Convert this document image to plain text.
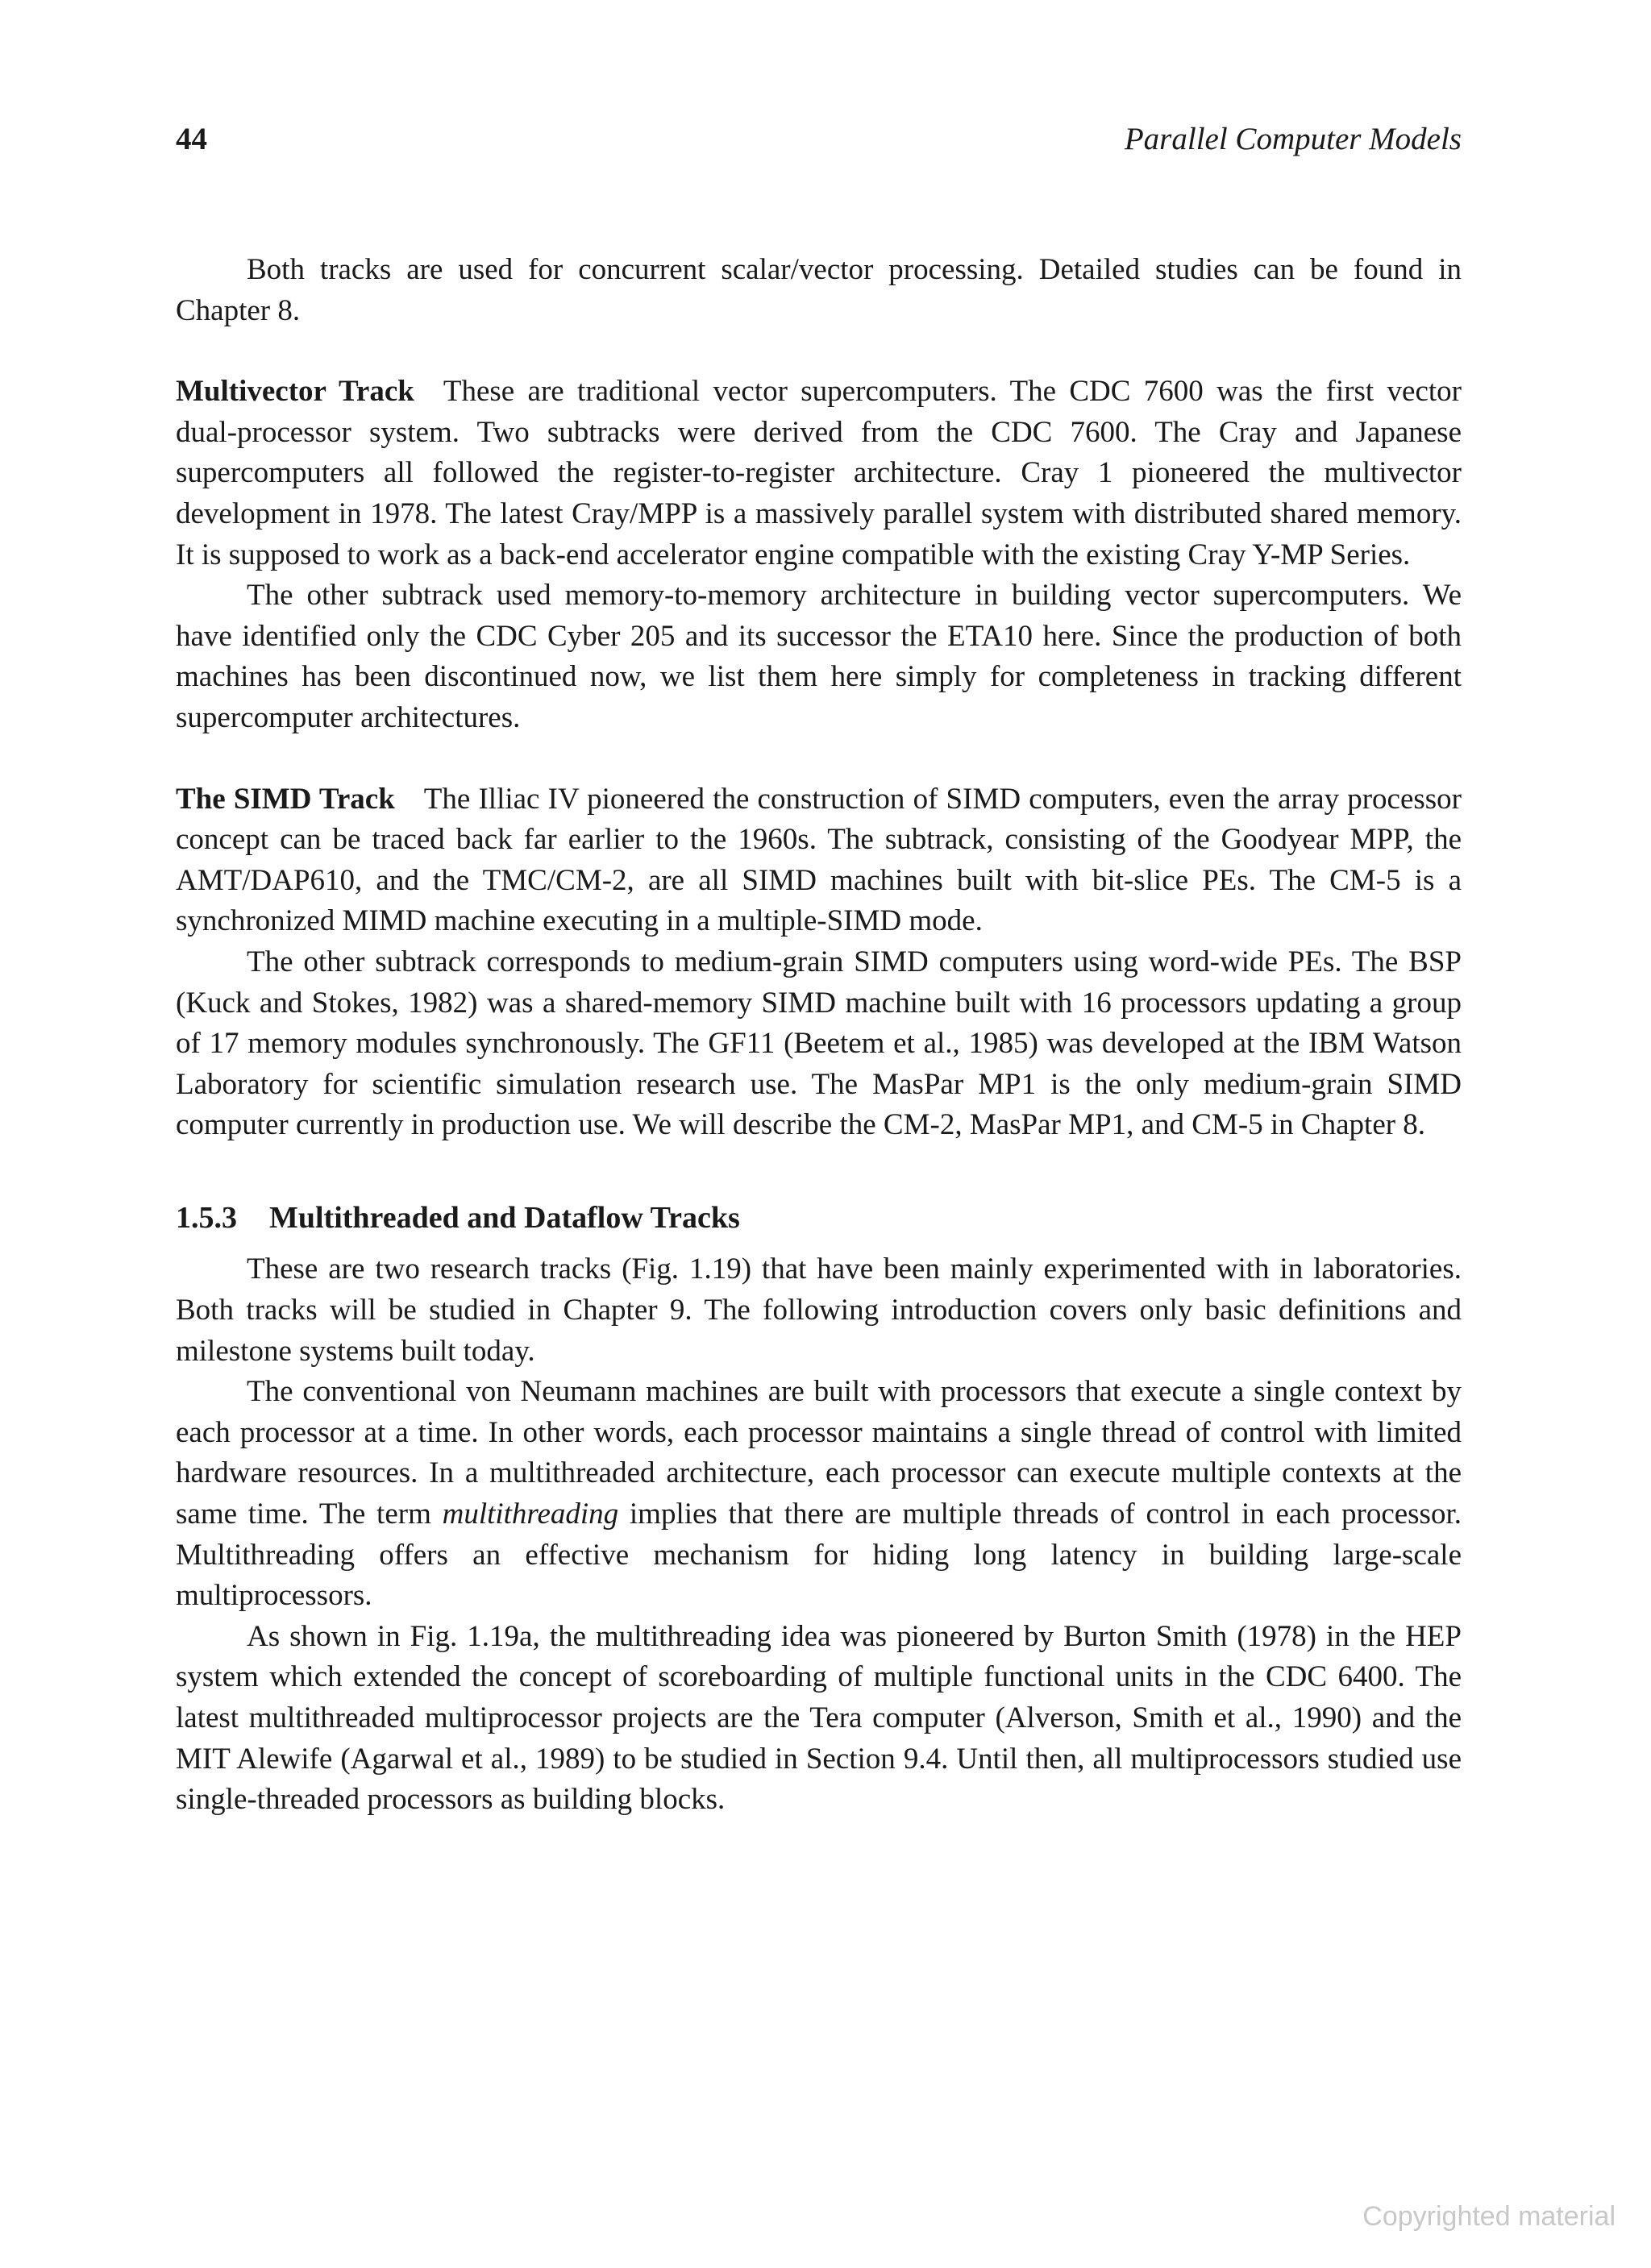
44	Parallel Computer Models

Both tracks are used for concurrent scalar/vector processing. Detailed studies can be found in Chapter 8.

Multivector Track These are traditional vector supercomputers. The CDC 7600 was the first vector dual-processor system. Two subtracks were derived from the CDC 7600. The Cray and Japanese supercomputers all followed the register-to-register architecture. Cray 1 pioneered the multivector development in 1978. The latest Cray/MPP is a massively parallel system with distributed shared memory. It is supposed to work as a back-end accelerator engine compatible with the existing Cray Y-MP Series.

The other subtrack used memory-to-memory architecture in building vector supercomputers. We have identified only the CDC Cyber 205 and its successor the ETA10 here. Since the production of both machines has been discontinued now, we list them here simply for completeness in tracking different supercomputer architectures.

The SIMD Track The Illiac IV pioneered the construction of SIMD computers, even the array processor concept can be traced back far earlier to the 1960s. The subtrack, consisting of the Goodyear MPP, the AMT/DAP610, and the TMC/CM-2, are all SIMD machines built with bit-slice PEs. The CM-5 is a synchronized MIMD machine executing in a multiple-SIMD mode.

The other subtrack corresponds to medium-grain SIMD computers using word-wide PEs. The BSP (Kuck and Stokes, 1982) was a shared-memory SIMD machine built with 16 processors updating a group of 17 memory modules synchronously. The GF11 (Beetem et al., 1985) was developed at the IBM Watson Laboratory for scientific simulation research use. The MasPar MP1 is the only medium-grain SIMD computer currently in production use. We will describe the CM-2, MasPar MP1, and CM-5 in Chapter 8.

1.5.3 Multithreaded and Dataflow Tracks

These are two research tracks (Fig. 1.19) that have been mainly experimented with in laboratories. Both tracks will be studied in Chapter 9. The following introduction covers only basic definitions and milestone systems built today.

The conventional von Neumann machines are built with processors that execute a single context by each processor at a time. In other words, each processor maintains a single thread of control with limited hardware resources. In a multithreaded architecture, each processor can execute multiple contexts at the same time. The term multithreading implies that there are multiple threads of control in each processor. Multithreading offers an effective mechanism for hiding long latency in building large-scale multiprocessors.

As shown in Fig. 1.19a, the multithreading idea was pioneered by Burton Smith (1978) in the HEP system which extended the concept of scoreboarding of multiple functional units in the CDC 6400. The latest multithreaded multiprocessor projects are the Tera computer (Alverson, Smith et al., 1990) and the MIT Alewife (Agarwal et al., 1989) to be studied in Section 9.4. Until then, all multiprocessors studied use single-threaded processors as building blocks.

Copyrighted material
